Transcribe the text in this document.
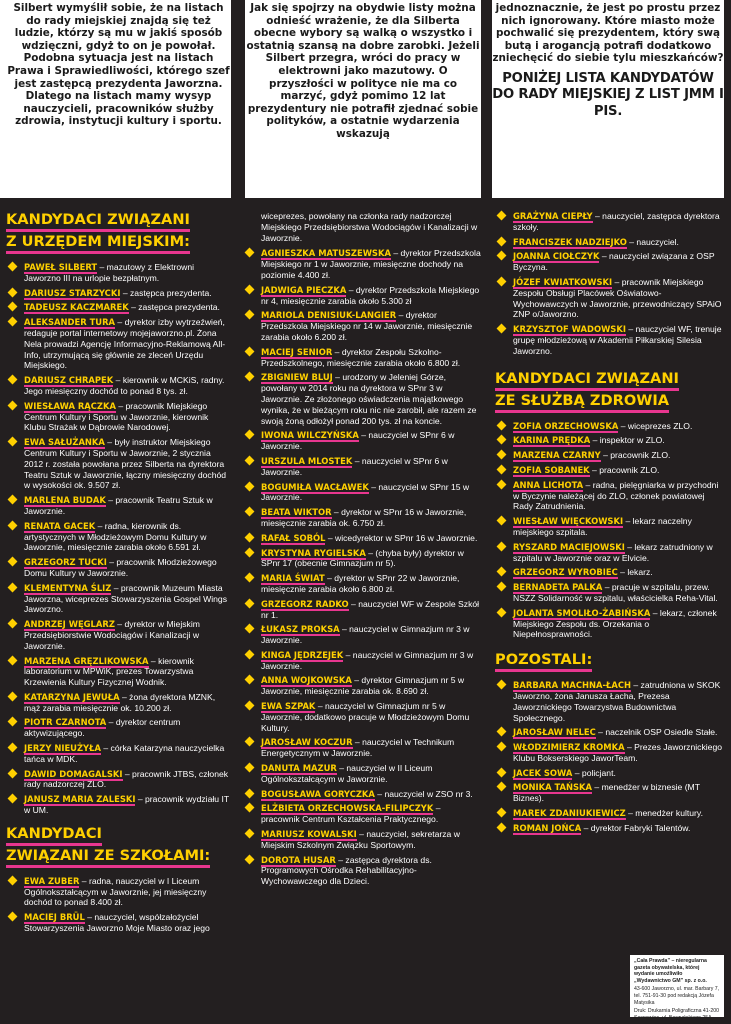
Silbert wymyślił sobie, że na listach do rady miejskiej znajdą się też ludzie, którzy są mu w jakiś sposób wdzięczni, gdyż to on je powołał. Podobna sytuacja jest na listach Prawa i Sprawiedliwości, którego szef jest zastępcą prezydenta Jaworzna. Dlatego na listach mamy wysyp nauczycieli, pracowników służby zdrowia, instytucji kultury i sportu.

Jak się spojrzy na obydwie listy można odnieść wrażenie, że dla Silberta obecne wybory są walką o wszystko i ostatnią szansą na dobre zarobki. Jeżeli Silbert przegra, wróci do pracy w elektrowni jako mazutowy. O przyszłości w polityce nie ma co marzyć, gdyż pomimo 12 lat prezydentury nie potrafił zjednać sobie polityków, a ostatnie wydarzenia wskazują

jednoznacznie, że jest po prostu przez nich ignorowany. Które miasto może pochwalić się prezydentem, który swą butą i arogancją potrafi dodatkowo zniechęcić do siebie tylu mieszkańców?

PONIŻEJ LISTA KANDYDATÓW DO RADY MIEJSKIEJ Z LIST JMM I PIS.

KANDYDACI ZWIĄZANI
Z URZĘDEM MIEJSKIM:
PAWEŁ SILBERT – mazutowy z Elektrowni Jaworzno III na urlopie bezpłatnym.
DARIUSZ STARZYCKI – zastępca prezydenta.
TADEUSZ KACZMAREK – zastępca prezydenta.
ALEKSANDER TURA – dyrektor izby wytrzeźwień, redaguje portal internetowy mojejaworzno.pl. Żona Nela prowadzi Agencję Informacyjno-Reklamową All-Info, utrzymującą się głównie ze zleceń Urzędu Miejskiego.
DARIUSZ CHRAPEK – kierownik w MCKiS, radny. Jego miesięczny dochód to ponad 8 tys. zł.
WIESŁAWA RĄCZKA – pracownik Miejskiego Centrum Kultury i Sportu w Jaworznie, kierownik Klubu Strażak w Dąbrowie Narodowej.
EWA SAŁUŻANKA – były instruktor Miejskiego Centrum Kultury i Sportu w Jaworznie, 2 stycznia 2012 r. została powołana przez Silberta na dyrektora Teatru Sztuk w Jaworznie, łączny miesięczny dochód w wysokości ok. 9.507 zł.
MARLENA BUDAK – pracownik Teatru Sztuk w Jaworznie.
RENATA GACEK – radna, kierownik ds. artystycznych w Młodzieżowym Domu Kultury w Jaworznie, miesięcznie zarabia około 6.591 zł.
GRZEGORZ TUCKI – pracownik Młodzieżowego Domu Kultury w Jaworznie.
KLEMENTYNA ŚLIZ – pracownik Muzeum Miasta Jaworzna, wiceprezes Stowarzyszenia Gospel Wings Jaworzno.
ANDRZEJ WĘGLARZ – dyrektor w Miejskim Przedsiębiorstwie Wodociągów i Kanalizacji w Jaworznie.
MARZENA GRĘZLIKOWSKA – kierownik laboratorium w MPWiK, prezes Towarzystwa Krzewienia Kultury Fizycznej Wodnik.
KATARZYNA JEWUŁA – żona dyrektora MZNK, mąż zarabia miesięcznie ok. 10.200 zł.
PIOTR CZARNOTA – dyrektor centrum aktywizującego.
JERZY NIEUŻYŁA – córka Katarzyna nauczycielka tańca w MDK.
DAWID DOMAGALSKI – pracownik JTBS, członek rady nadzorczej ZLO.
JANUSZ MARIA ZALESKI – pracownik wydziału IT w UM.
KANDYDACI
ZWIĄZANI ZE SZKOŁAMI:
EWA ZUBER – radna, nauczyciel w I Liceum Ogólnokształcącym w Jaworznie, jej miesięczny dochód to ponad 8.400 zł.
MACIEJ BRÜL – nauczyciel, współzałożyciel Stowarzyszenia Jaworzno Moje Miasto oraz jego

wiceprezes, powołany na członka rady nadzorczej Miejskiego Przedsiębiorstwa Wodociągów i Kanalizacji w Jaworznie.

AGNIESZKA MATUSZEWSKA – dyrektor Przedszkola Miejskiego nr 1 w Jaworznie, miesięczne dochody na poziomie 4.400 zł.
JADWIGA PIECZKA – dyrektor Przedszkola Miejskiego nr 4, miesięcznie zarabia około 5.300 zł
MARIOLA DENISIUK-LANGIER – dyrektor Przedszkola Miejskiego nr 14 w Jaworznie, miesięcznie zarabia około 6.200 zł.
MACIEJ SENIOR – dyrektor Zespołu Szkolno-Przedszkolnego, miesięcznie zarabia około 6.800 zł.
ZBIGNIEW BLUJ – urodzony w Jeleniej Górze, powołany w 2014 roku na dyrektora w SPnr 3 w Jaworznie. Ze złożonego oświadczenia majątkowego wynika, że w bieżącym roku nic nie zarobił, ale razem ze swoją żoną odłożył ponad 200 tys. zł na koncie.
IWONA WILCZYŃSKA – nauczyciel w SPnr 6 w Jaworznie.
URSZULA MLOSTEK – nauczyciel w SPnr 6 w Jaworznie.
BOGUMIŁA WACŁAWEK – nauczyciel w SPnr 15 w Jaworznie.
BEATA WIKTOR – dyrektor w SPnr 16 w Jaworznie, miesięcznie zarabia ok. 6.750 zł.
RAFAŁ SOBÓL – wicedyrektor w SPnr 16 w Jaworznie.
KRYSTYNA RYGIELSKA – (chyba były) dyrektor w SPnr 17 (obecnie Gimnazjum nr 5).
MARIA ŚWIAT – dyrektor w SPnr 22 w Jaworznie, miesięcznie zarabia około 6.800 zł.
GRZEGORZ RADKO – nauczyciel WF w Zespole Szkół nr 1.
ŁUKASZ PROKSA – nauczyciel w Gimnazjum nr 3 w Jaworznie.
KINGA JĘDRZEJEK – nauczyciel w Gimnazjum nr 3 w Jaworznie.
ANNA WOJKOWSKA – dyrektor Gimnazjum nr 5 w Jaworznie, miesięcznie zarabia ok. 8.690 zł.
EWA SZPAK – nauczyciel w Gimnazjum nr 5 w Jaworznie, dodatkowo pracuje w Młodzieżowym Domu Kultury.
JAROSŁAW KOCZUR – nauczyciel w Technikum Energetycznym w Jaworznie.
DANUTA MAZUR – nauczyciel w II Liceum Ogólnokształcącym w Jaworznie.
BOGUSŁAWA GORYCZKA – nauczyciel w ZSO nr 3.
ELŻBIETA ORZECHOWSKA-FILIPCZYK – pracownik Centrum Kształcenia Praktycznego.
MARIUSZ KOWALSKI – nauczyciel, sekretarza w Miejskim Szkolnym Związku Sportowym.
DOROTA HUSAR – zastępca dyrektora ds. Programowych Ośrodka Rehabilitacyjno-Wychowawczego dla Dzieci.
GRAŻYNA CIEPŁY – nauczyciel, zastępca dyrektora szkoły.
FRANCISZEK NADZIEJKO – nauczyciel.
JOANNA CIOŁCZYK – nauczyciel związana z OSP Byczyna.
JÓZEF KWIATKOWSKI – pracownik Miejskiego Zespołu Obsługi Placówek Oświatowo-Wychowawczych w Jaworznie, przewodniczący SPAiO ZNP o/Jaworzno.
KRZYSZTOF WADOWSKI – nauczyciel WF, trenuje grupę młodzieżową w Akademii Piłkarskiej Silesia Jaworzno.
KANDYDACI ZWIĄZANI
ZE SŁUŻBĄ ZDROWIA
ZOFIA ORZECHOWSKA – wiceprezes ZLO.
KARINA PRĘDKA – inspektor w ZLO.
MARZENA CZARNY – pracownik ZLO.
ZOFIA SOBANEK – pracownik ZLO.
ANNA LICHOTA – radna, pielęgniarka w przychodni w Byczynie należącej do ZLO, członek powiatowej Rady Zatrudnienia.
WIESŁAW WIĘCKOWSKI – lekarz naczelny miejskiego szpitala.
RYSZARD MACIEJOWSKI – lekarz zatrudniony w szpitalu w Jaworznie oraz w Elvicie.
GRZEGORZ WYROBIEC – lekarz.
BERNADETA PALKA – pracuje w szpitalu, przew. NSZZ Solidarność w szpitalu, właścicielka Reha-Vital.
JOLANTA SMOLIŁO-ŻABIŃSKA – lekarz, członek Miejskiego Zespołu ds. Orzekania o Niepełnosprawności.
POZOSTALI:
BARBARA MACHNA-ŁACH – zatrudniona w SKOK Jaworzno, żona Janusza Łacha, Prezesa Jaworznickiego Towarzystwa Budownictwa Społecznego.
JAROSŁAW NELEC – naczelnik OSP Osiedle Stałe.
WŁODZIMIERZ KROMKA – Prezes Jaworznickiego Klubu Bokserskiego JaworTeam.
JACEK SOWA – policjant.
MONIKA TAŃSKA – menedżer w biznesie (MT Biznes).
MAREK ZDANIUKIEWICZ – menedżer kultury.
ROMAN JOŃCA – dyrektor Fabryki Talentów.
„Cała Prawda” – nieregularna gazeta obywatelska, której wydanie umożliwiło „Wydawnictwo GM” sp. z o.o.
43-600 Jaworzno, ul. mar. Barbary 7, tel. 751-91-30 pod redakcją Józefa Matysika
Druk: Drukarnia Poligraficzna 41-200 Sosnowiec, ul. Baczyńskiego 25A
